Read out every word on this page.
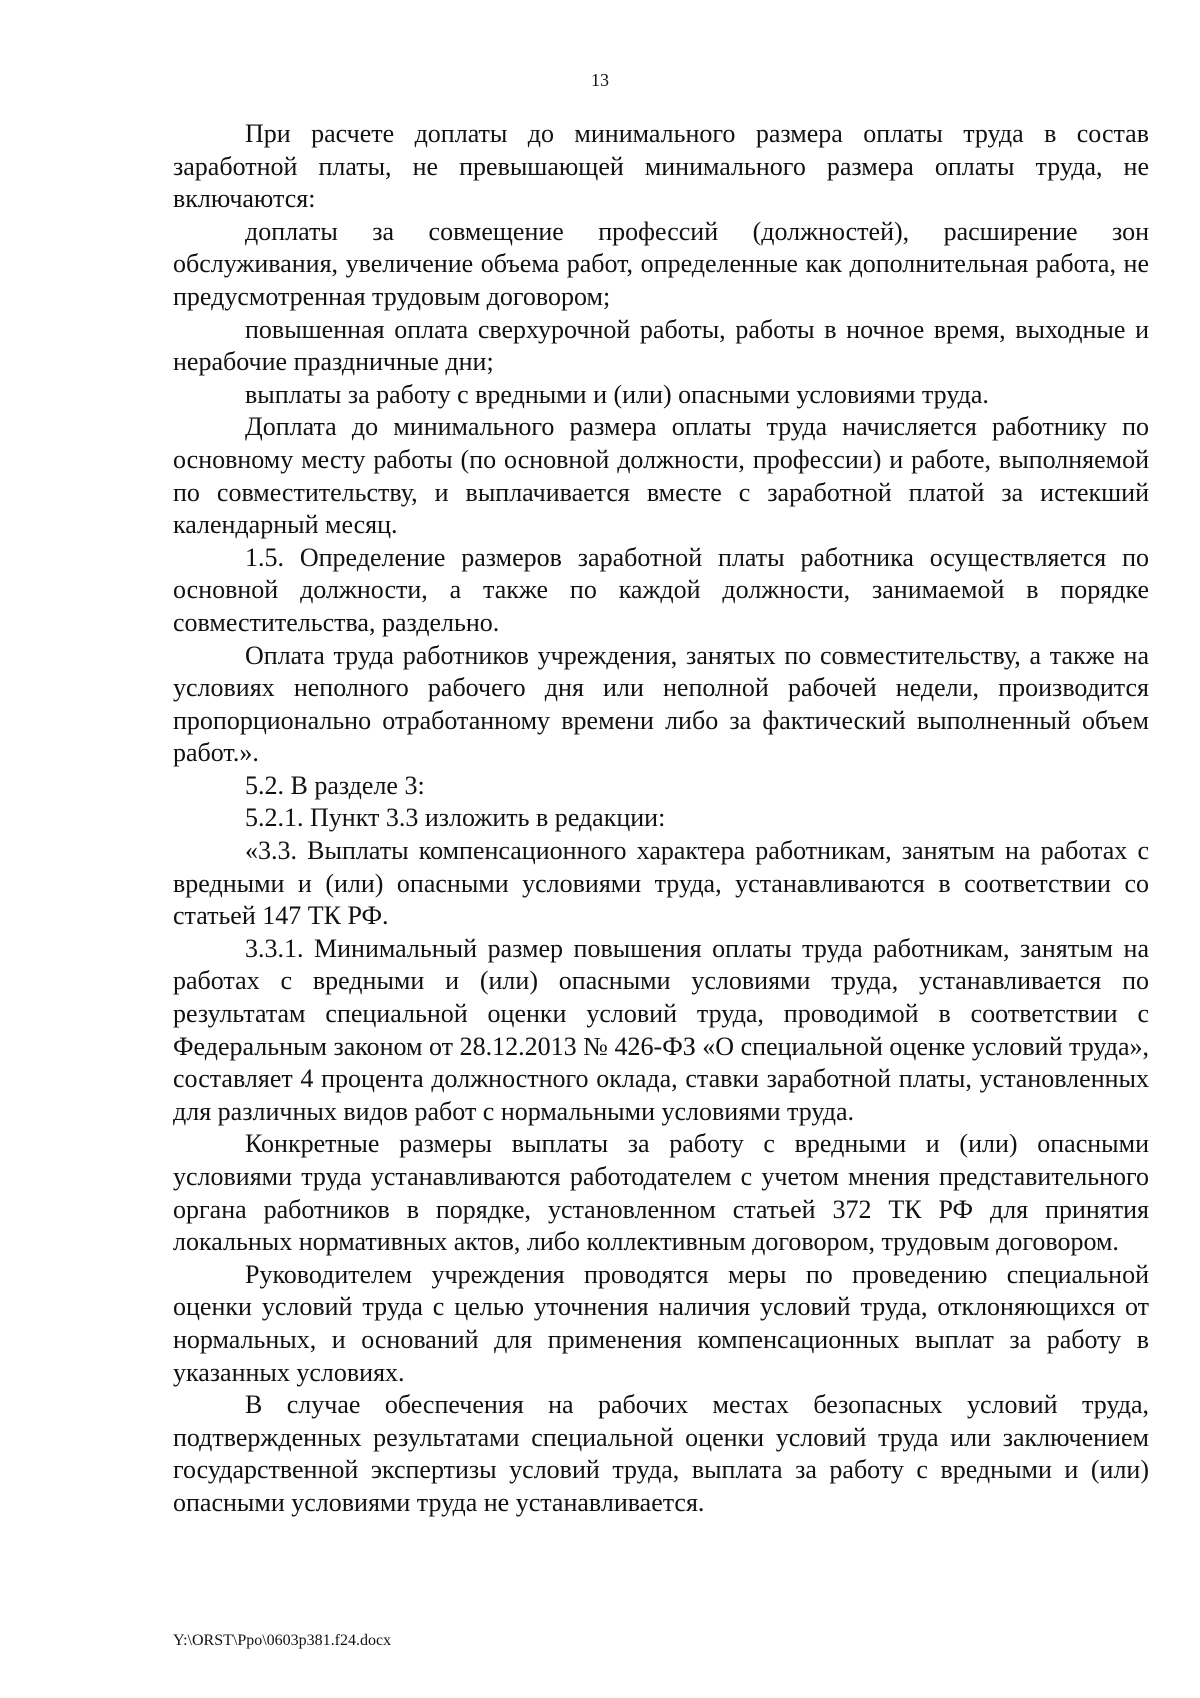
13

При расчете доплаты до минимального размера оплаты труда в состав заработной платы, не превышающей минимального размера оплаты труда, не включаются:

доплаты за совмещение профессий (должностей), расширение зон обслуживания, увеличение объема работ, определенные как дополнительная работа, не предусмотренная трудовым договором;

повышенная оплата сверхурочной работы, работы в ночное время, выходные и нерабочие праздничные дни;

выплаты за работу с вредными и (или) опасными условиями труда.

Доплата до минимального размера оплаты труда начисляется работнику по основному месту работы (по основной должности, профессии) и работе, выполняемой по совместительству, и выплачивается вместе с заработной платой за истекший календарный месяц.

1.5. Определение размеров заработной платы работника осуществляется по основной должности, а также по каждой должности, занимаемой в порядке совместительства, раздельно.

Оплата труда работников учреждения, занятых по совместительству, а также на условиях неполного рабочего дня или неполной рабочей недели, производится пропорционально отработанному времени либо за фактический выполненный объем работ.».

5.2. В разделе 3:

5.2.1. Пункт 3.3 изложить в редакции:

«3.3. Выплаты компенсационного характера работникам, занятым на работах с вредными и (или) опасными условиями труда, устанавливаются в соответствии со статьей 147 ТК РФ.

3.3.1. Минимальный размер повышения оплаты труда работникам, занятым на работах с вредными и (или) опасными условиями труда, устанавливается по результатам специальной оценки условий труда, проводимой в соответствии с Федеральным законом от 28.12.2013 № 426-ФЗ «О специальной оценке условий труда», составляет 4 процента должностного оклада, ставки заработной платы, установленных для различных видов работ с нормальными условиями труда.

Конкретные размеры выплаты за работу с вредными и (или) опасными условиями труда устанавливаются работодателем с учетом мнения представительного органа работников в порядке, установленном статьей 372 ТК РФ для принятия локальных нормативных актов, либо коллективным договором, трудовым договором.

Руководителем учреждения проводятся меры по проведению специальной оценки условий труда с целью уточнения наличия условий труда, отклоняющихся от нормальных, и оснований для применения компенсационных выплат за работу в указанных условиях.

В случае обеспечения на рабочих местах безопасных условий труда, подтвержденных результатами специальной оценки условий труда или заключением государственной экспертизы условий труда, выплата за работу с вредными и (или) опасными условиями труда не устанавливается.

Y:\ORST\Ppo\0603p381.f24.docx
